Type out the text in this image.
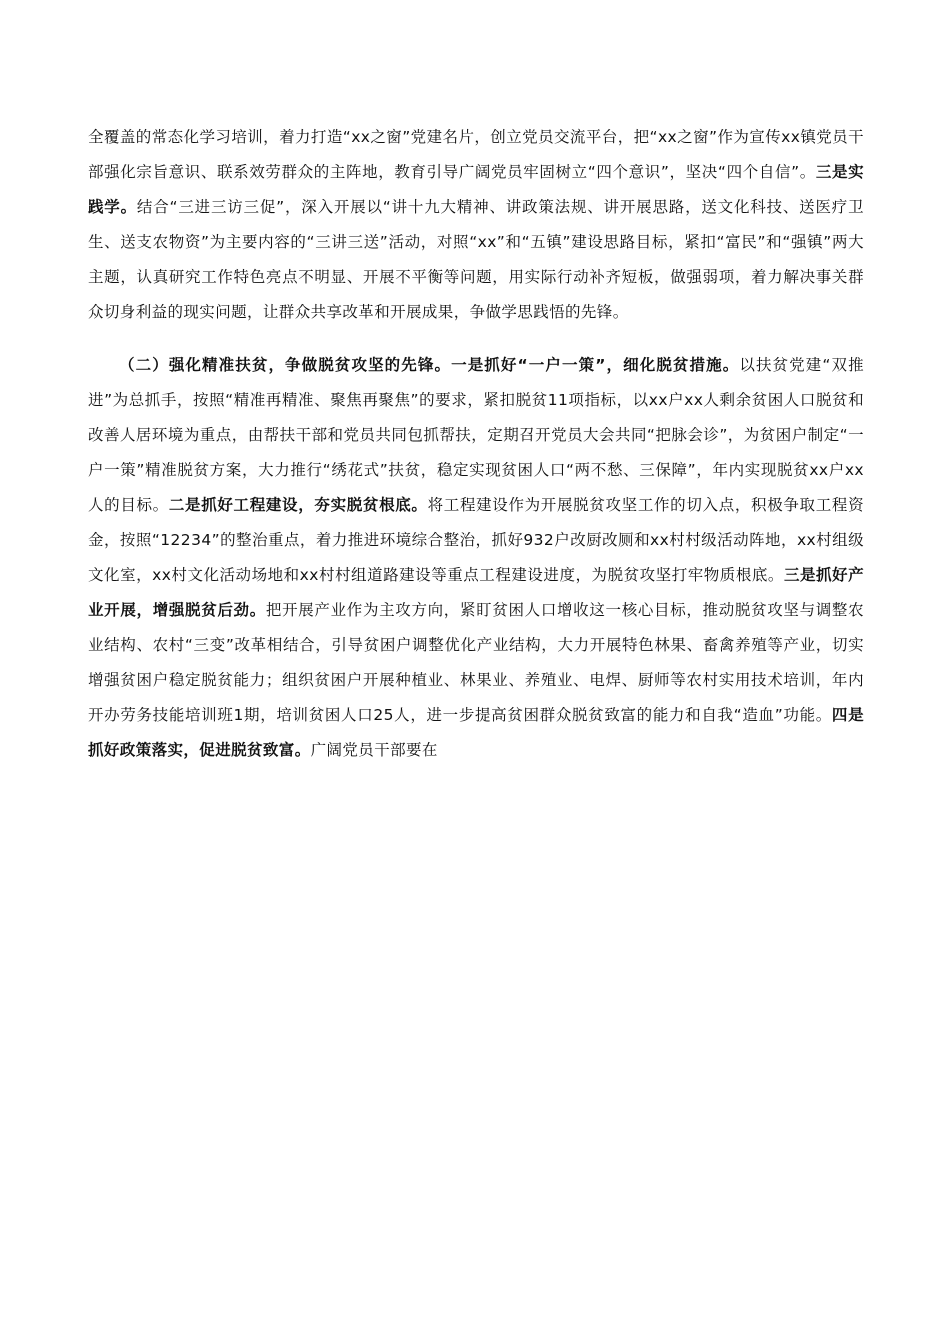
全覆盖的常态化学习培训，着力打造“xx之窗”党建名片，创立党员交流平台，把“xx之窗”作为宣传xx镇党员干部强化宗旨意识、联系效劳群众的主阵地，教育引导广阔党员牢固树立“四个意识”，坚决“四个自信”。三是实践学。结合“三进三访三促”，深入开展以“讲十九大精神、讲政策法规、讲开展思路，送文化科技、送医疗卫生、送支农物资”为主要内容的“三讲三送”活动，对照“xx”和“五镇”建设思路目标，紧扣“富民”和“强镇”两大主题，认真研究工作特色亮点不明显、开展不平衡等问题，用实际行动补齐短板，做强弱项，着力解决事关群众切身利益的现实问题，让群众共享改革和开展成果，争做学思践悟的先锋。

（二）强化精准扶贫，争做脱贫攻坚的先锋。一是抓好“一户一策”，细化脱贫措施。以扶贫党建“双推进”为总抓手，按照“精准再精准、聚焦再聚焦”的要求，紧扣脱贫11项指标，以xx户xx人剩余贫困人口脱贫和改善人居环境为重点，由帮扶干部和党员共同包抓帮扶，定期召开党员大会共同“把脉会诊”，为贫困户制定“一户一策”精准脱贫方案，大力推行“绣花式”扶贫，稳定实现贫困人口“两不愁、三保障”，年内实现脱贫xx户xx人的目标。二是抓好工程建设，夯实脱贫根底。将工程建设作为开展脱贫攻坚工作的切入点，积极争取工程资金，按照“12234”的整治重点，着力推进环境综合整治，抓好932户改厨改厕和xx村村级活动阵地，xx村组级文化室，xx村文化活动场地和xx村村组道路建设等重点工程建设进度，为脱贫攻坚打牢物质根底。三是抓好产业开展，增强脱贫后劲。把开展产业作为主攻方向，紧盯贫困人口增收这一核心目标，推动脱贫攻坚与调整农业结构、农村“三变”改革相结合，引导贫困户调整优化产业结构，大力开展特色林果、畜禽养殖等产业，切实增强贫困户稳定脱贫能力；组织贫困户开展种植业、林果业、养殖业、电焊、厨师等农村实用技术培训，年内开办劳务技能培训班1期，培训贫困人口25人，进一步提高贫困群众脱贫致富的能力和自我“造血”功能。四是抓好政策落实，促进脱贫致富。广阔党员干部要在
